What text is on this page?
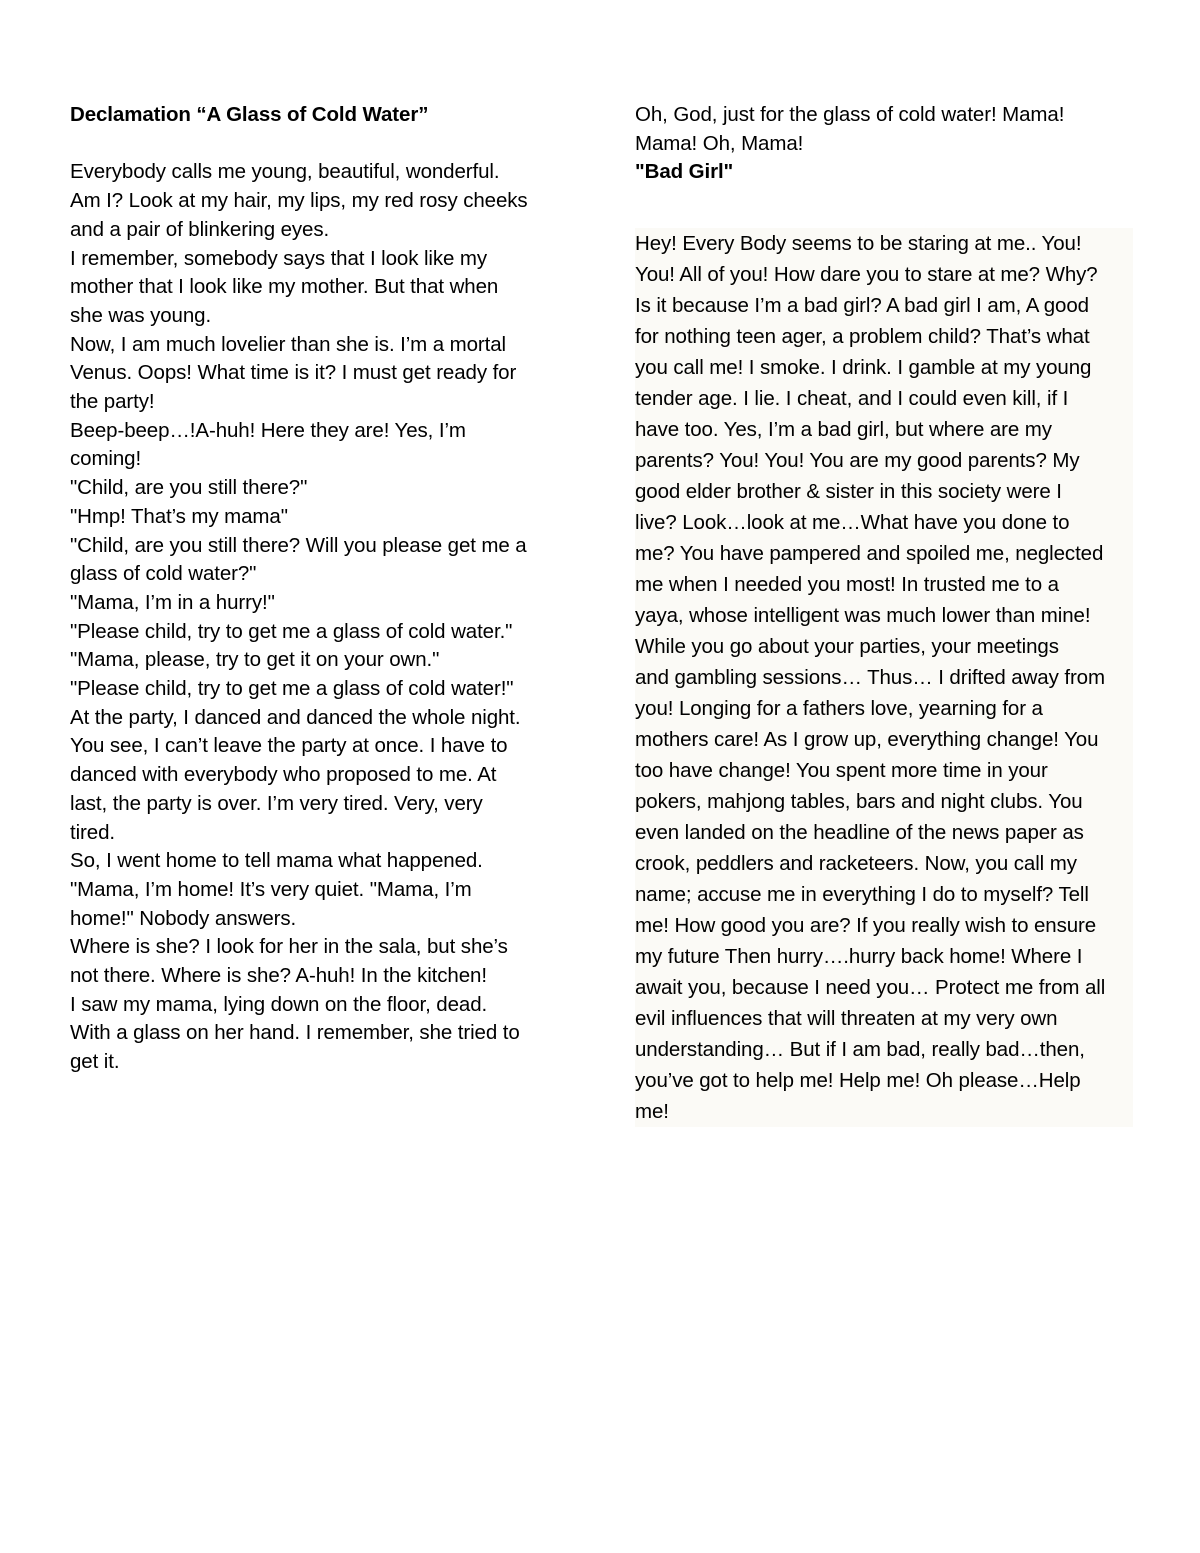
Declamation “A Glass of Cold Water”
Everybody calls me young, beautiful, wonderful.
Am I? Look at my hair, my lips, my red rosy cheeks
and a pair of blinkering eyes.
I remember, somebody says that I look like my
mother that I look like my mother. But that when
she was young.
Now, I am much lovelier than she is. I’m a mortal
Venus. Oops! What time is it? I must get ready for
the party!
Beep-beep…!A-huh! Here they are! Yes, I’m
coming!
"Child, are you still there?"
"Hmp! That’s my mama"
"Child, are you still there? Will you please get me a
glass of cold water?"
"Mama, I’m in a hurry!"
"Please child, try to get me a glass of cold water."
"Mama, please, try to get it on your own."
"Please child, try to get me a glass of cold water!"
At the party, I danced and danced the whole night.
You see, I can’t leave the party at once. I have to
danced with everybody who proposed to me. At
last, the party is over. I’m very tired. Very, very
tired.
So, I went home to tell mama what happened.
"Mama, I’m home! It’s very quiet. "Mama, I’m
home!" Nobody answers.
Where is she? I look for her in the sala, but she’s
not there. Where is she? A-huh! In the kitchen!
I saw my mama, lying down on the floor, dead.
With a glass on her hand. I remember, she tried to
get it.
Oh, God, just for the glass of cold water! Mama!
Mama! Oh, Mama!
"Bad Girl"
Hey! Every Body seems to be staring at me.. You!
You! All of you! How dare you to stare at me? Why?
Is it because I’m a bad girl? A bad girl I am, A good
for nothing teen ager, a problem child? That’s what
you call me! I smoke. I drink. I gamble at my young
tender age. I lie. I cheat, and I could even kill, if I
have too. Yes, I’m a bad girl, but where are my
parents? You! You! You are my good parents? My
good elder brother & sister in this society were I
live? Look…look at me…What have you done to
me? You have pampered and spoiled me, neglected
me when I needed you most! In trusted me to a
yaya, whose intelligent was much lower than mine!
While you go about your parties, your meetings
and gambling sessions… Thus… I drifted away from
you! Longing for a fathers love, yearning for a
mothers care! As I grow up, everything change! You
too have change! You spent more time in your
pokers, mahjong tables, bars and night clubs. You
even landed on the headline of the news paper as
crook, peddlers and racketeers. Now, you call my
name; accuse me in everything I do to myself? Tell
me! How good you are? If you really wish to ensure
my future Then hurry….hurry back home! Where I
await you, because I need you… Protect me from all
evil influences that will threaten at my very own
understanding… But if I am bad, really bad…then,
you’ve got to help me! Help me! Oh please…Help
me!
